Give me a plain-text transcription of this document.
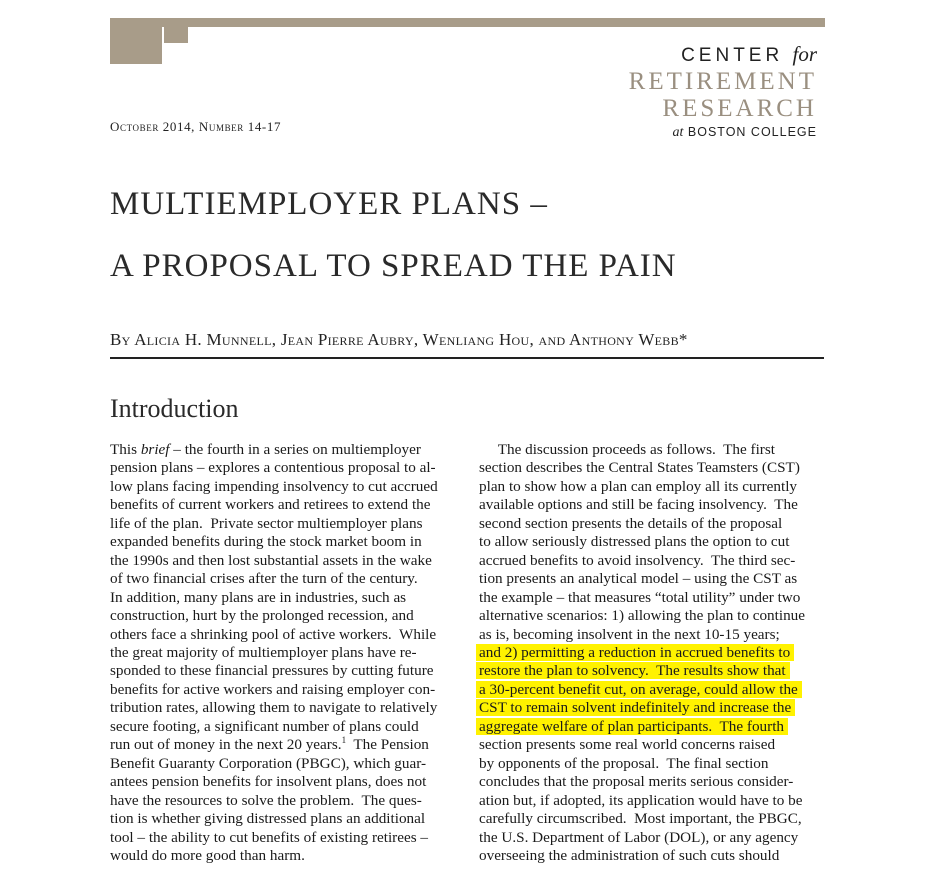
CENTER for
RETIREMENT
RESEARCH
at BOSTON COLLEGE
October 2014, Number 14-17
MULTIEMPLOYER PLANS –
A PROPOSAL TO SPREAD THE PAIN
By Alicia H. Munnell, Jean Pierre Aubry, Wenliang Hou, and Anthony Webb*
Introduction
This brief – the fourth in a series on multiemployer
pension plans – explores a contentious proposal to al-
low plans facing impending insolvency to cut accrued
benefits of current workers and retirees to extend the
life of the plan.  Private sector multiemployer plans
expanded benefits during the stock market boom in
the 1990s and then lost substantial assets in the wake
of two financial crises after the turn of the century.
In addition, many plans are in industries, such as
construction, hurt by the prolonged recession, and
others face a shrinking pool of active workers.  While
the great majority of multiemployer plans have re-
sponded to these financial pressures by cutting future
benefits for active workers and raising employer con-
tribution rates, allowing them to navigate to relatively
secure footing, a significant number of plans could
run out of money in the next 20 years.$^1$  The Pension
Benefit Guaranty Corporation (PBGC), which guar-
antees pension benefits for insolvent plans, does not
have the resources to solve the problem.  The ques-
tion is whether giving distressed plans an additional
tool – the ability to cut benefits of existing retirees –
would do more good than harm.
The discussion proceeds as follows.  The first
section describes the Central States Teamsters (CST)
plan to show how a plan can employ all its currently
available options and still be facing insolvency.  The
second section presents the details of the proposal
to allow seriously distressed plans the option to cut
accrued benefits to avoid insolvency.  The third sec-
tion presents an analytical model – using the CST as
the example – that measures “total utility” under two
alternative scenarios: 1) allowing the plan to continue
as is, becoming insolvent in the next 10-15 years;
and 2) permitting a reduction in accrued benefits to
restore the plan to solvency.  The results show that
a 30-percent benefit cut, on average, could allow the
CST to remain solvent indefinitely and increase the
aggregate welfare of plan participants.  The fourth
section presents some real world concerns raised
by opponents of the proposal.  The final section
concludes that the proposal merits serious consider-
ation but, if adopted, its application would have to be
carefully circumscribed.  Most important, the PBGC,
the U.S. Department of Labor (DOL), or any agency
overseeing the administration of such cuts should
